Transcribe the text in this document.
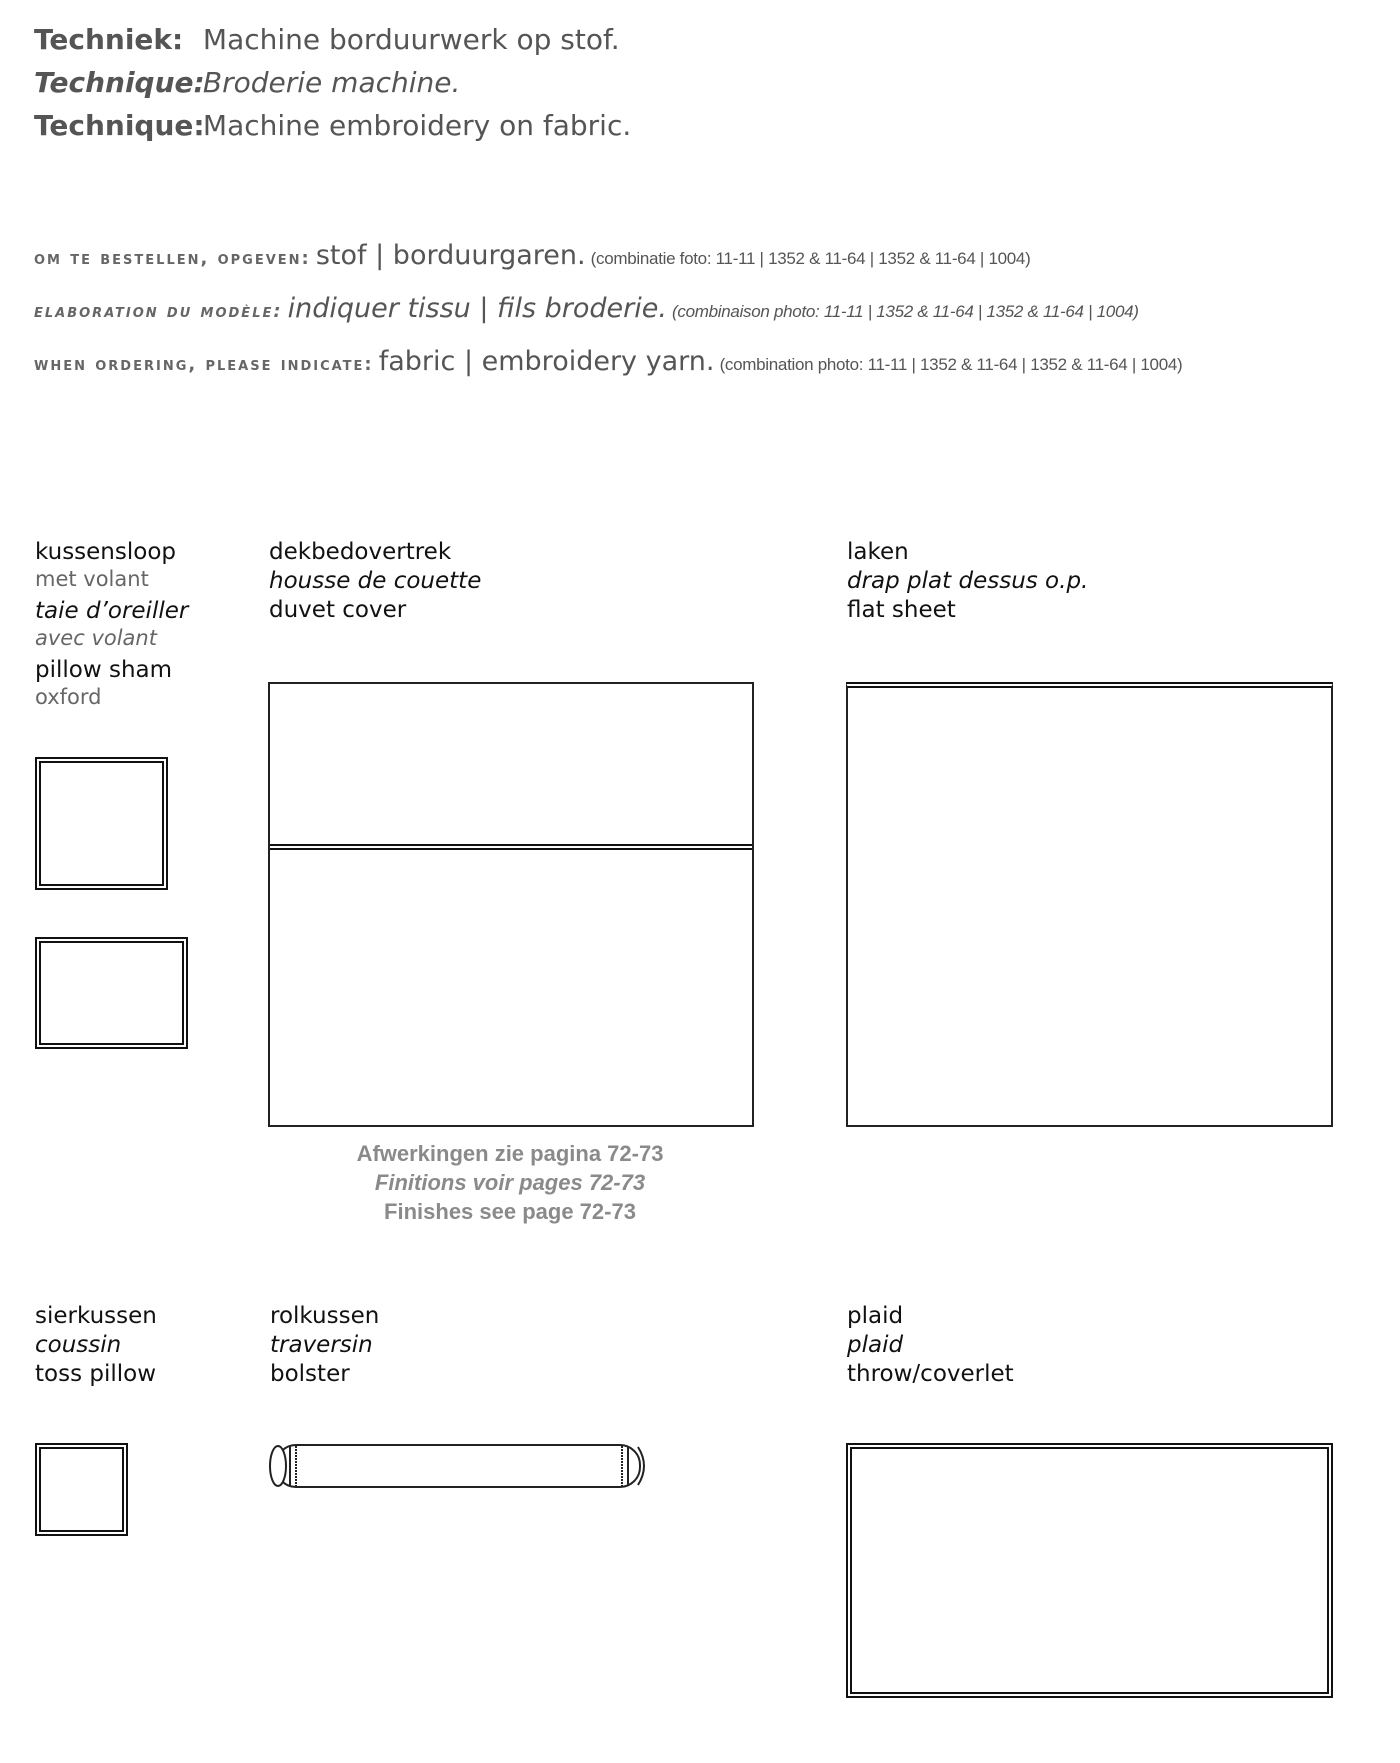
Techniek: Machine borduurwerk op stof.
Technique: Broderie machine.
Technique: Machine embroidery on fabric.
om te bestellen, opgeven: stof | borduurgaren. (combinatie foto: 11-11 | 1352 & 11-64 | 1352 & 11-64 | 1004)
elaboration du modèle: indiquer tissu | fils broderie. (combinaison photo: 11-11 | 1352 & 11-64 | 1352 & 11-64 | 1004)
when ordering, please indicate: fabric | embroidery yarn. (combination photo: 11-11 | 1352 & 11-64 | 1352 & 11-64 | 1004)
kussensloop
met volant
taie d’oreiller
avec volant
pillow sham
oxford
dekbedovertrek
housse de couette
duvet cover
Afwerkingen zie pagina 72-73
Finitions voir pages 72-73
Finishes see page 72-73
laken
drap plat dessus o.p.
flat sheet
sierkussen
coussin
toss pillow
rolkussen
traversin
bolster
plaid
plaid
throw/coverlet
